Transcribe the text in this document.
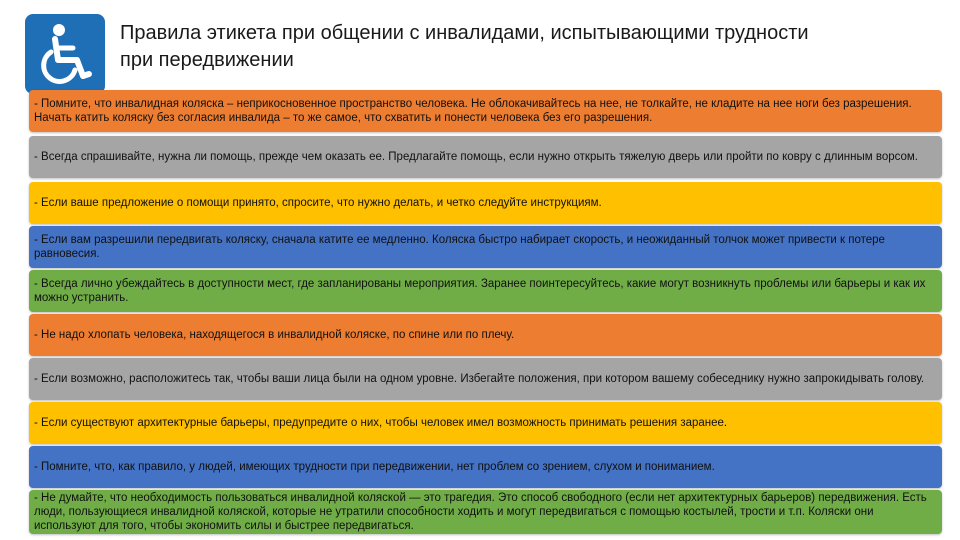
Правила этикета при общении с инвалидами, испытывающими трудности
при передвижении
- Помните, что инвалидная коляска – неприкосновенное пространство человека. Не облокачивайтесь на нее, не толкайте, не кладите на нее ноги без разрешения. Начать катить коляску без согласия инвалида – то же самое, что схватить и понести человека без его разрешения.
- Всегда спрашивайте, нужна ли помощь, прежде чем оказать ее. Предлагайте помощь, если нужно открыть тяжелую дверь или пройти по ковру с длинным ворсом.
- Если ваше предложение о помощи принято, спросите, что нужно делать, и четко следуйте инструкциям.
- Если вам разрешили передвигать коляску, сначала катите ее медленно. Коляска быстро набирает скорость, и неожиданный толчок может привести к потере равновесия.
- Всегда лично убеждайтесь в доступности мест, где запланированы мероприятия. Заранее поинтересуйтесь, какие могут возникнуть проблемы или барьеры и как их можно устранить.
- Не надо хлопать человека, находящегося в инвалидной коляске, по спине или по плечу.
- Если возможно, расположитесь так, чтобы ваши лица были на одном уровне. Избегайте положения, при котором вашему собеседнику нужно запрокидывать голову.
- Если существуют архитектурные барьеры, предупредите о них, чтобы человек имел возможность принимать решения заранее.
- Помните, что, как правило, у людей, имеющих трудности при передвижении, нет проблем со зрением, слухом и пониманием.
- Не думайте, что необходимость пользоваться инвалидной коляской — это трагедия. Это способ свободного (если нет архитектурных барьеров) передвижения. Есть люди, пользующиеся инвалидной коляской, которые не утратили способности ходить и могут передвигаться с помощью костылей, трости и т.п. Коляски они используют для того, чтобы экономить силы и быстрее передвигаться.
